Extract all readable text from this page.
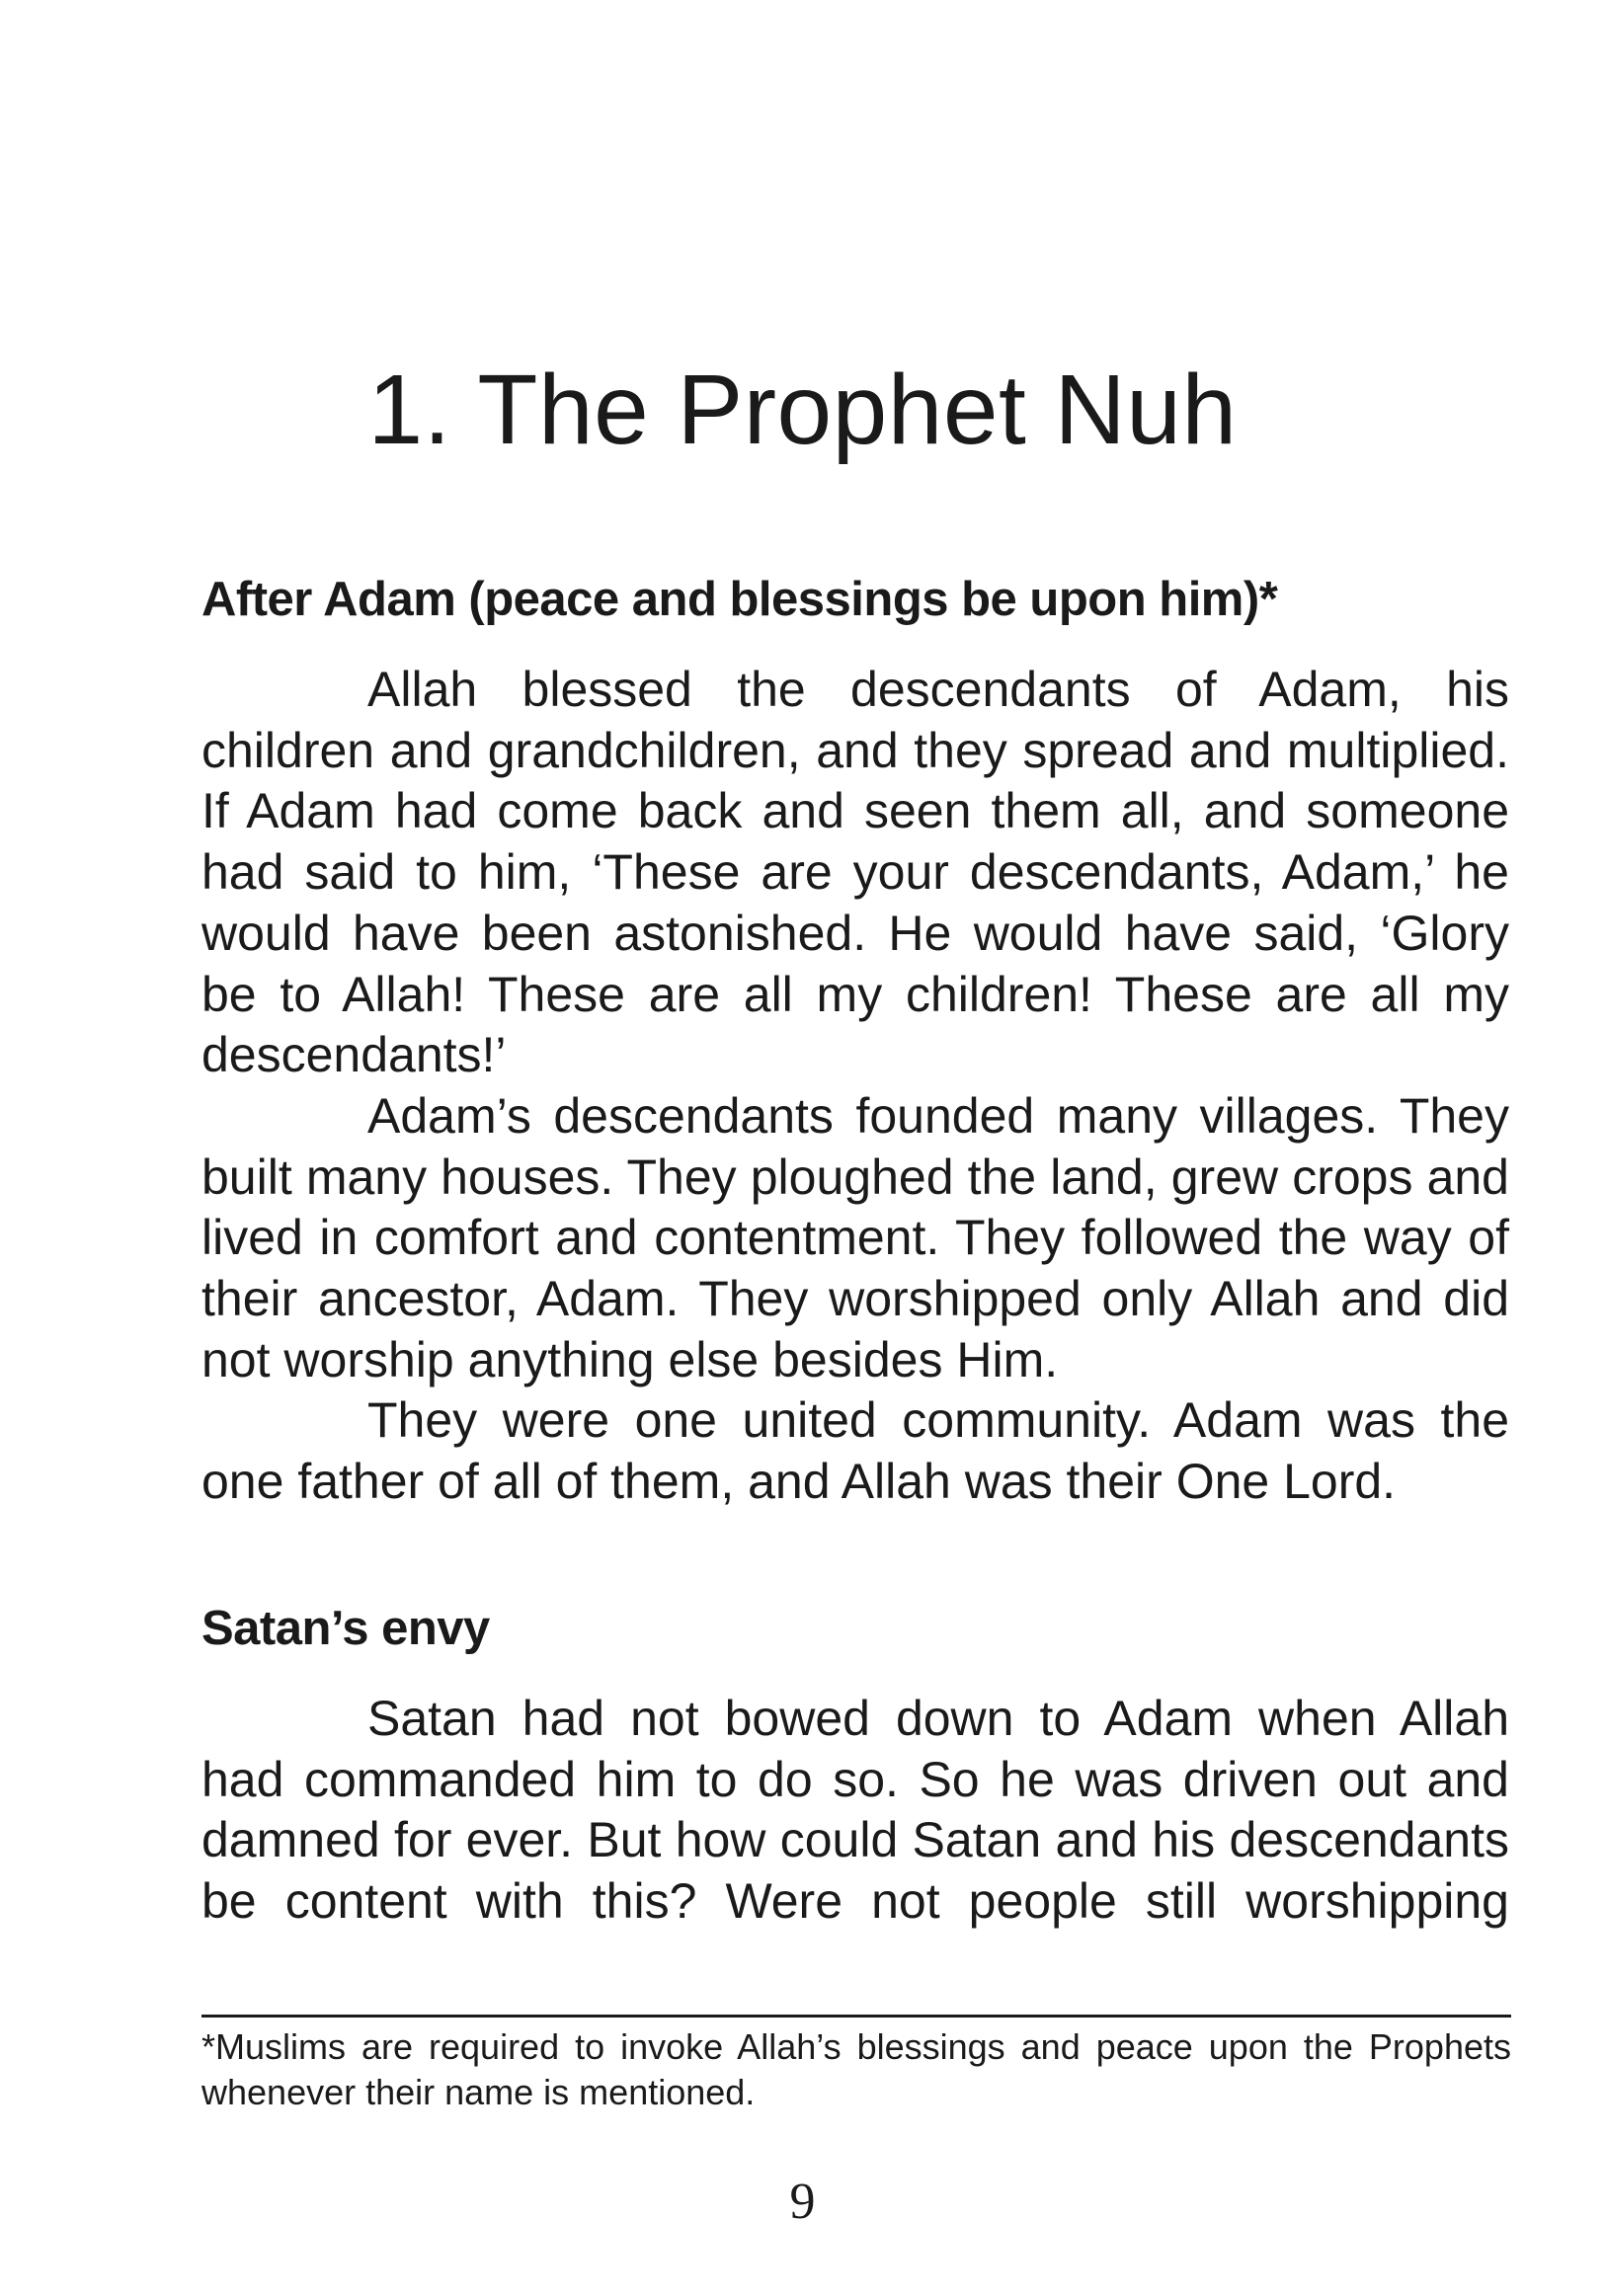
1. The Prophet Nuh
After Adam (peace and blessings be upon him)*

Allah blessed the descendants of Adam, his children and grandchildren, and they spread and multiplied. If Adam had come back and seen them all, and someone had said to him, ‘These are your descendants, Adam,’ he would have been astonished. He would have said, ‘Glory be to Allah! These are all my children! These are all my descendants!’

Adam’s descendants founded many villages. They built many houses. They ploughed the land, grew crops and lived in comfort and contentment. They followed the way of their ancestor, Adam. They worshipped only Allah and did not worship anything else besides Him.

They were one united community. Adam was the one father of all of them, and Allah was their One Lord.

Satan’s envy

Satan had not bowed down to Adam when Allah had commanded him to do so. So he was driven out and damned for ever. But how could Satan and his descendants be content with this? Were not people still worshipping

*Muslims are required to invoke Allah’s blessings and peace upon the Prophets whenever their name is mentioned.

9
